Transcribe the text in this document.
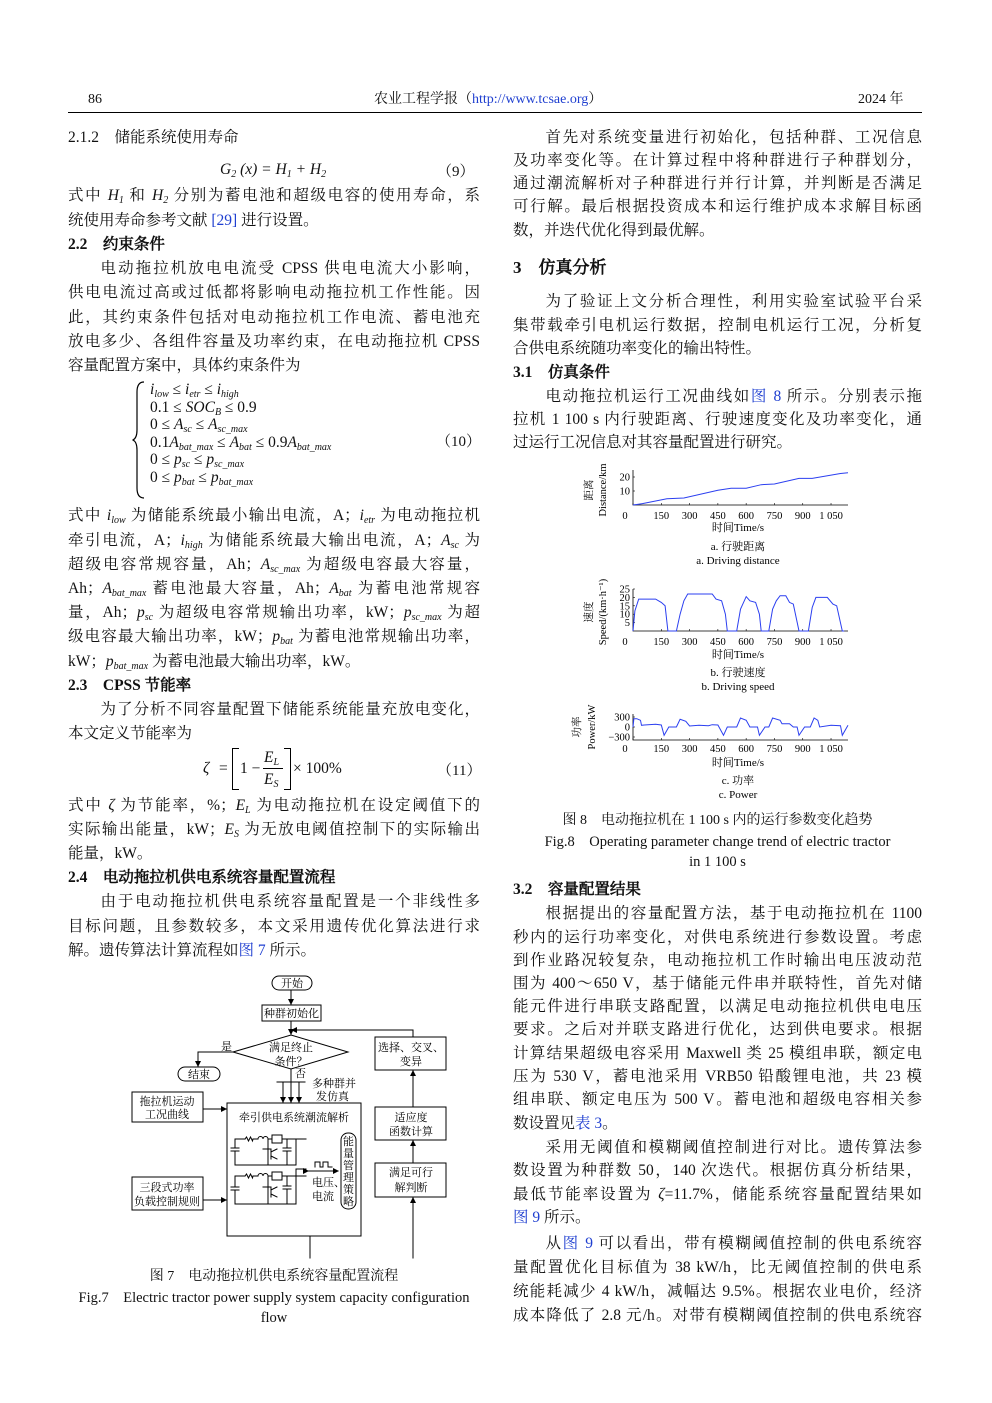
86	农业工程学报（http://www.tcsae.org）	2024 年
2.1.2　储能系统使用寿命
式中 H1 和 H2 分别为蓄电池和超级电容的使用寿命，系
统使用寿命参考文献 [29] 进行设置。
2.2　约束条件
电动拖拉机放电电流受 CPSS 供电电流大小影响，
供电电流过高或过低都将影响电动拖拉机工作性能。因
此，其约束条件包括对电动拖拉机工作电流、蓄电池充
放电多少、各组件容量及功率约束，在电动拖拉机 CPSS
容量配置方案中，具体约束条件为
式中 ilow 为储能系统最小输出电流，A；ietr 为电动拖拉机
牵引电流，A；ihigh 为储能系统最大输出电流，A；Asc 为
超级电容常规容量，Ah；Asc_max 为超级电容最大容量，
Ah；Abat_max 蓄电池最大容量，Ah；Abat 为蓄电池常规容
量，Ah；psc 为超级电容常规输出功率，kW；psc_max 为超
级电容最大输出功率，kW；pbat 为蓄电池常规输出功率，
kW；pbat_max 为蓄电池最大输出功率，kW。
2.3　CPSS 节能率
为了分析不同容量配置下储能系统能量充放电变化，
本文定义节能率为
式中 ζ 为节能率，%；EL 为电动拖拉机在设定阈值下的
实际输出能量，kW；ES 为无放电阈值控制下的实际输出
能量，kW。
2.4　电动拖拉机供电系统容量配置流程
由于电动拖拉机供电系统容量配置是一个非线性多
目标问题，且参数较多，本文采用遗传优化算法进行求
解。遗传算法计算流程如图 7 所示。
首先对系统变量进行初始化，包括种群、工况信息
及功率变化等。在计算过程中将种群进行子种群划分，
通过潮流解析对子种群进行并行计算，并判断是否满足
可行解。最后根据投资成本和运行维护成本求解目标函
数，并迭代优化得到最优解。
3　仿真分析
为了验证上文分析合理性，利用实验室试验平台采
集带载牵引电机运行数据，控制电机运行工况，分析复
合供电系统随功率变化的输出特性。
3.1　仿真条件
电动拖拉机运行工况曲线如图 8 所示。分别表示拖
拉机 1 100 s 内行驶距离、行驶速度变化及功率变化，通
过运行工况信息对其容量配置进行研究。
3.2　容量配置结果
根据提出的容量配置方法，基于电动拖拉机在 1100
秒内的运行功率变化，对供电系统进行参数设置。考虑
到作业路况较复杂，电动拖拉机工作时输出电压波动范
围为 400～650 V，基于储能元件串并联特性，首先对储
能元件进行串联支路配置，以满足电动拖拉机供电电压
要求。之后对并联支路进行优化，达到供电要求。根据
计算结果超级电容采用 Maxwell 类 25 模组串联，额定电
压为 530 V，蓄电池采用 VRB50 铅酸锂电池，共 23 模
组串联、额定电压为 500 V。蓄电池和超级电容相关参
数设置见表 3。
采用无阈值和模糊阈值控制进行对比。遗传算法参
数设置为种群数 50，140 次迭代。根据仿真分析结果，
最低节能率设置为 ζ=11.7%，储能系统容量配置结果如
图 9 所示。
从图 9 可以看出，带有模糊阈值控制的供电系统容
量配置优化目标值为 38 kW/h，比无阈值控制的供电系
统能耗减少 4 kW/h，减幅达 9.5%。根据农业电价，经济
成本降低了 2.8 元/h。对带有模糊阈值控制的供电系统容
G2 (x) = H1 + H2	（9）
ilow ≤ ietr ≤ ihigh
0.1 ≤ SOCB ≤ 0.9
0 ≤ Asc ≤ Asc_max
0.1Abat_max ≤ Abat ≤ 0.9Abat_max
0 ≤ psc ≤ psc_max
0 ≤ pbat ≤ pbat_max
（10）
ζ = 1 −
EL
ES
× 100%	（11）
开始
种群初始化
满足终止
条件？
是
否
结束
多种群并
发仿真
拖拉机运动
工况曲线
三段式功率
负载控制规则
牵引供电系统潮流解析
电压、
电流
能
量
管
理
策
略
选择、交叉、
变异
适应度
函数计算
满足可行
解判断
图 7　电动拖拉机供电系统容量配置流程
Fig.7　Electric tractor power supply system capacity configuration
flow
0 150 300 450 600 750 900 1 050
10
20
时间Time/s
a. 行驶距离
a. Driving distance
距离 Distance/km
0 150 300 450 600 750 900 1 050
5
10
15
20
25
时间Time/s
b. 行驶速度
b. Driving speed
速度 Speed/(km·h⁻¹)
0 150 300 450 600 750 900 1 050
300
0
−300
时间Time/s
c. 功率
c. Power
功率 Power/kW
图 8　电动拖拉机在 1 100 s 内的运行参数变化趋势
Fig.8　Operating parameter change trend of electric tractor
in 1 100 s
